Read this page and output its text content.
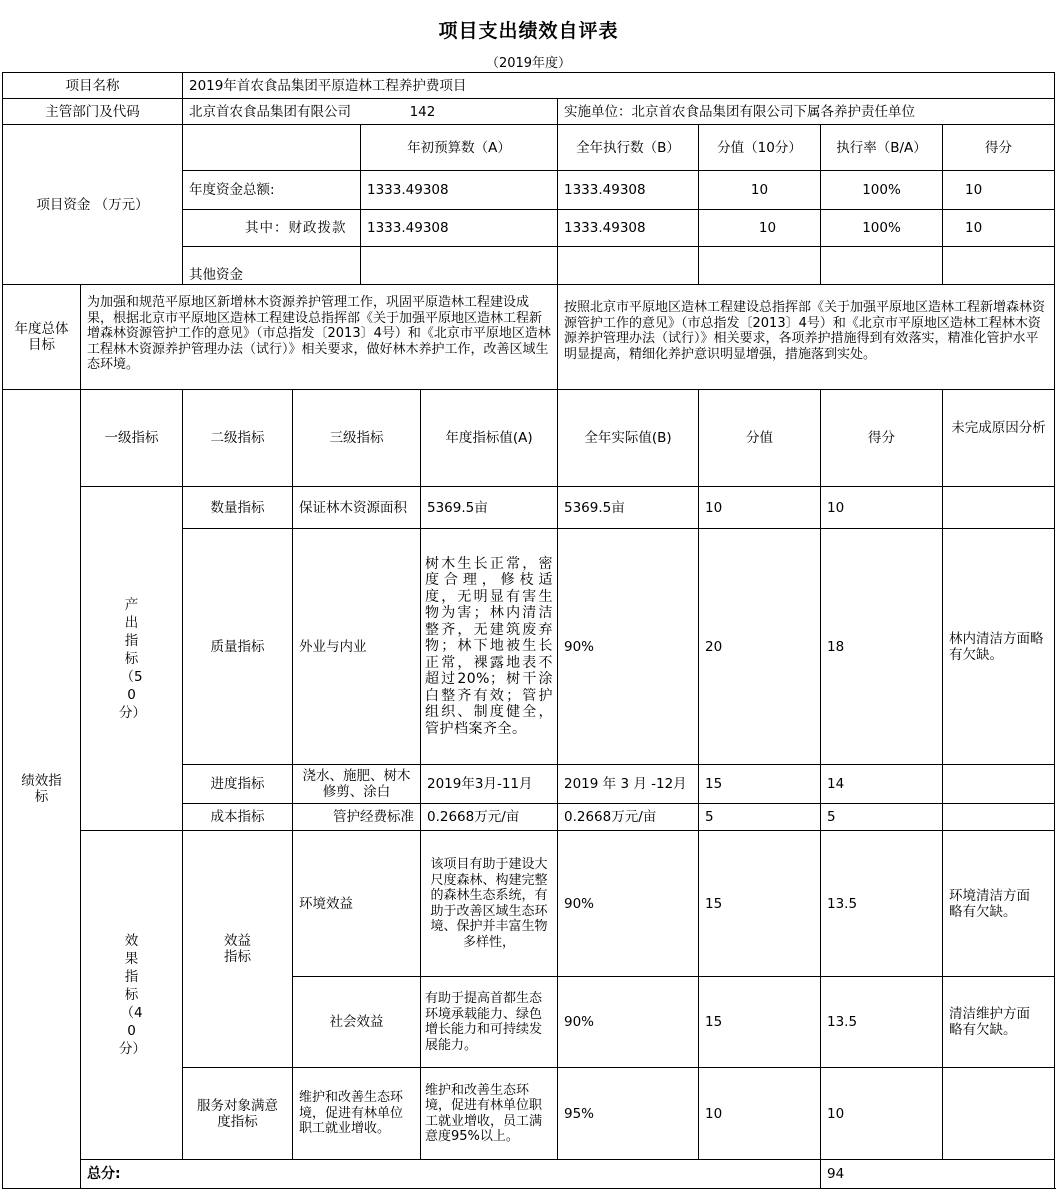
项目支出绩效自评表
（2019年度）
项目名称		2019年首农食品集团平原造林工程养护费项目							
主管部门及代码		北京首农食品集团有限公司 142				实施单位：北京首农食品集团有限公司下属各养护责任单位			
项目资金 （万元）				年初预算数（A）		全年执行数（B）	分值（10分）	执行率（B/A）	得分
		年度资金总额:		1333.49308		1333.49308	10	100%	10
		其中：财政拨款		1333.49308		1333.49308	10	100%	10
		其他资金							
年度总体目标	为加强和规范平原地区新增林木资源养护管理工作，巩固平原造林工程建设成果，根据北京市平原地区造林工程建设总指挥部《关于加强平原地区造林工程新增森林资源管护工作的意见》（市总指发〔2013〕4号）和《北京市平原地区造林工程林木资源养护管理办法（试行）》相关要求，做好林木养护工作，改善区域生态环境。					按照北京市平原地区造林工程建设总指挥部《关于加强平原地区造林工程新增森林资源管护工作的意见》（市总指发〔2013〕4号）和《北京市平原地区造林工程林木资源养护管理办法（试行）》相关要求，各项养护措施得到有效落实，精准化管护水平明显提高，精细化养护意识明显增强，措施落到实处。			
绩效指标	一级指标	二级指标	三级指标		年度指标值(A)	全年实际值(B)	分值	得分	未完成原因分析
	产出指标（50分）	数量指标	保证林木资源面积		5369.5亩	5369.5亩	10	10	
		质量指标	外业与内业		树木生长正常，密度合理，修枝适度，无明显有害生物为害；林内清洁整齐，无建筑废弃物；林下地被生长正常，裸露地表不超过20%；树干涂白整齐有效；管护组织、制度健全，管护档案齐全。	90%	20	18	林内清洁方面略有欠缺。
		进度指标	浇水、施肥、树木修剪、涂白		2019年3月-11月	2019 年 3 月 -12月	15	14	
		成本指标	管护经费标准		0.2668万元/亩	0.2668万元/亩	5	5	
	效果指标（40分）	效益指标	环境效益		该项目有助于建设大尺度森林、构建完整的森林生态系统，有助于改善区域生态环境、保护并丰富生物多样性，	90%	15	13.5	环境清洁方面略有欠缺。
			社会效益		有助于提高首都生态环境承载能力、绿色增长能力和可持续发展能力。	90%	15	13.5	清洁维护方面略有欠缺。
		服务对象满意度指标	维护和改善生态环境，促进有林单位职工就业增收。		维护和改善生态环境，促进有林单位职工就业增收，员工满意度95%以上。	95%	10	10	
	总分:							94	
